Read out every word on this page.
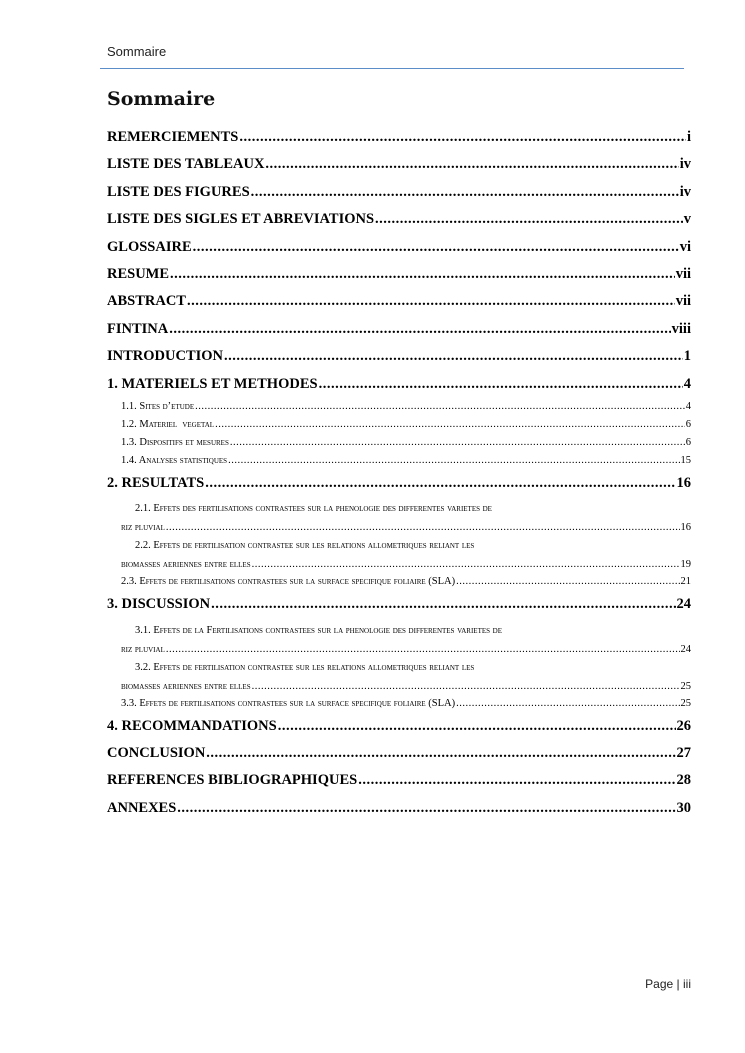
Sommaire
Sommaire
REMERCIEMENTS .....	i
LISTE DES TABLEAUX .....	iv
LISTE DES FIGURES .....	iv
LISTE DES SIGLES ET ABREVIATIONS .....	v
GLOSSAIRE .....	vi
RESUME .....	vii
ABSTRACT .....	vii
FINTINA .....	viii
INTRODUCTION .....	1
1. MATERIELS ET METHODES .....	4
1.1. Sites d’etude .....	4
1.2. Materiel  vegetal .....	6
1.3. Dispositifs et mesures .....	6
1.4. Analyses statistiques .....	15
2. RESULTATS .....	16
2.1. Effets des fertilisations contrastees sur la phenologie des differentes varietes de
riz pluvial .....	16
2.2. Effets de fertilisation contrastee sur les relations allometriques reliant les
biomasses aeriennes entre elles .....	19
2.3. Effets de fertilisations contrastees sur la surface specifique foliaire (SLA) .....	21
3. DISCUSSION .....	24
3.1. Effets de la Fertilisations contrastees sur la phenologie des differentes varietes de
riz pluvial .....	24
3.2. Effets de fertilisation contrastee sur les relations allometriques reliant les
biomasses aeriennes entre elles .....	25
3.3. Effets de fertilisations contrastees sur la surface specifique foliaire (SLA) .....	25
4. RECOMMANDATIONS .....	26
CONCLUSION .....	27
REFERENCES BIBLIOGRAPHIQUES .....	28
ANNEXES .....	30
Page | iii
